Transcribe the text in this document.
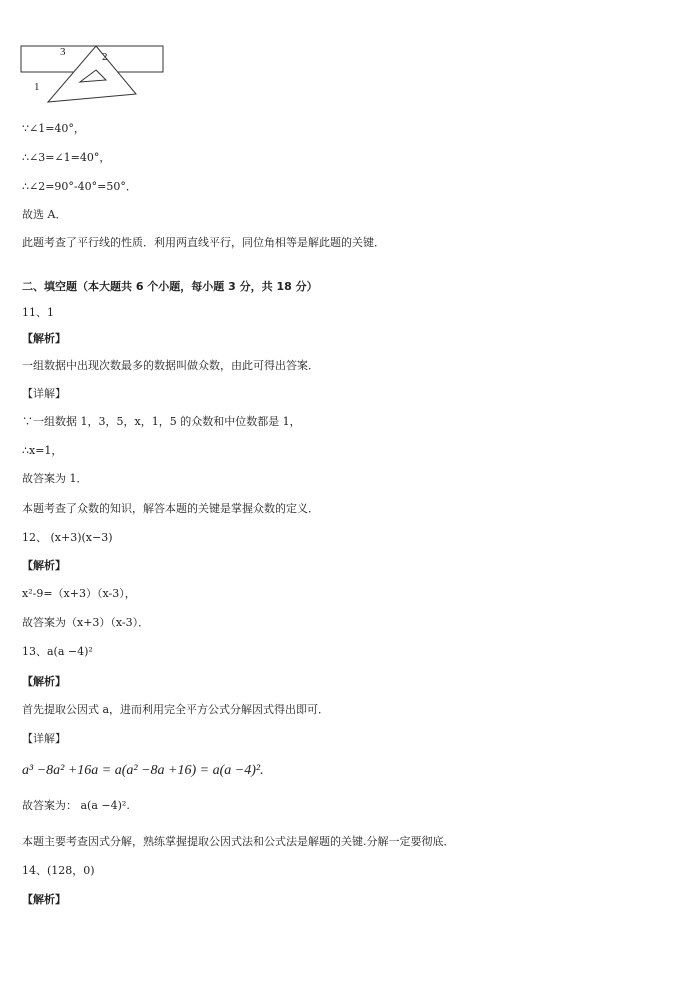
1
2
3
∵∠1=40°，
∴∠3=∠1=40°，
∴∠2=90°-40°=50°．
故选 A．
此题考查了平行线的性质．利用两直线平行，同位角相等是解此题的关键．
二、填空题（本大题共 6 个小题，每小题 3 分，共 18 分）
11、1
【解析】
一组数据中出现次数最多的数据叫做众数，由此可得出答案．
【详解】
∵一组数据 1，3，5，x，1，5 的众数和中位数都是 1，
∴x=1，
故答案为 1．
本题考查了众数的知识，解答本题的关键是掌握众数的定义．
12、 (x+3)(x−3)
【解析】
x²-9=（x+3）（x-3），
故答案为（x+3）（x-3）．
13、a(a −4)²
【解析】
首先提取公因式 a，进而利用完全平方公式分解因式得出即可．
【详解】
a³ −8a² +16a = a(a² −8a +16) = a(a −4)².
故答案为： a(a −4)².
本题主要考查因式分解，熟练掌握提取公因式法和公式法是解题的关键.分解一定要彻底．
14、(128，0)
【解析】
